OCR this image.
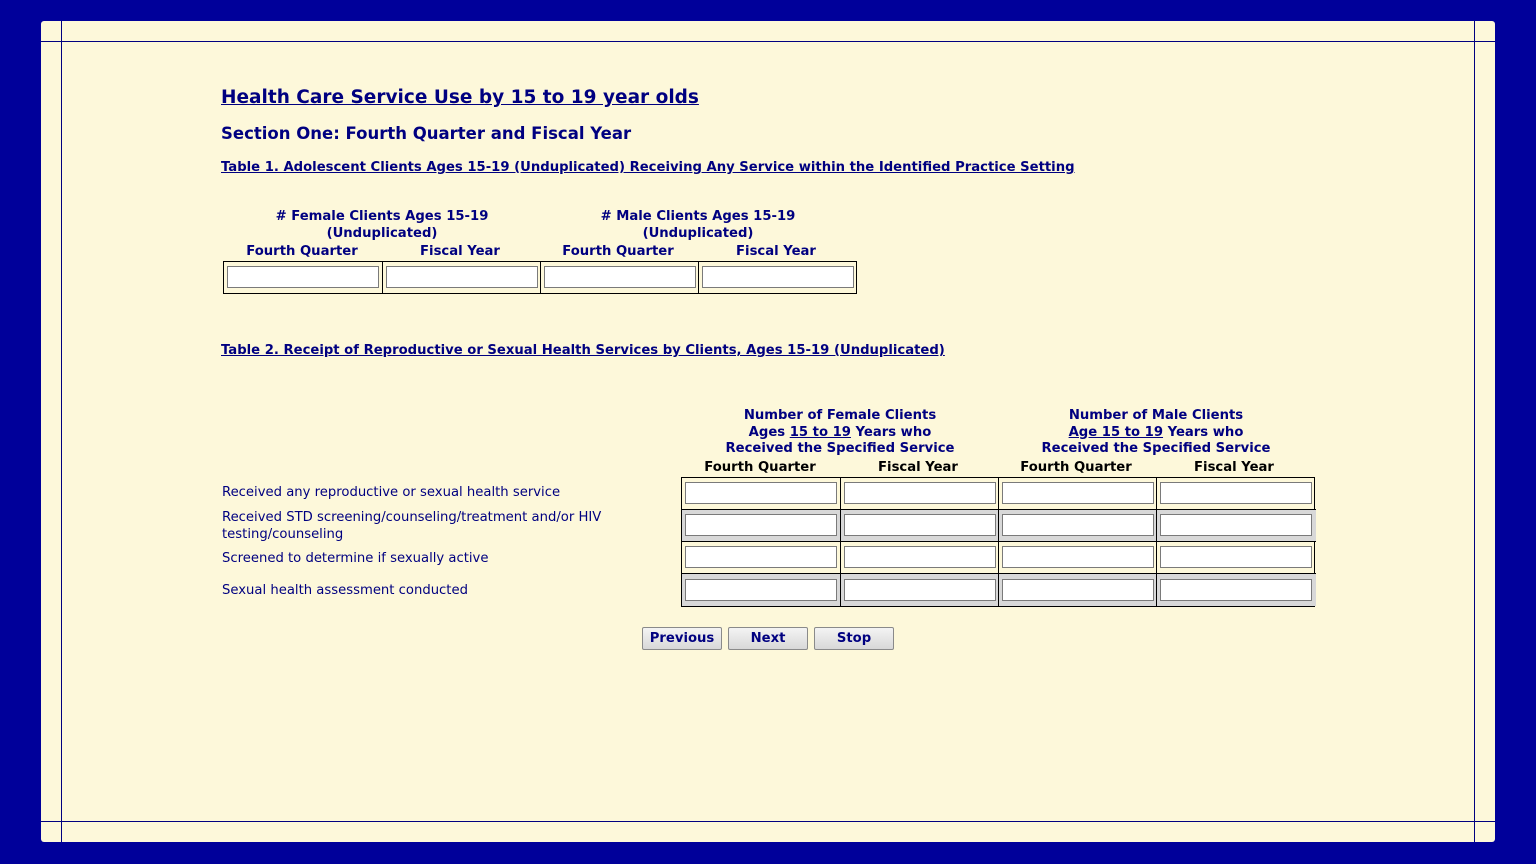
Health Care Service Use by 15 to 19 year olds
Section One: Fourth Quarter and Fiscal Year

Table 1. Adolescent Clients Ages 15-19 (Unduplicated) Receiving Any Service within the Identified Practice Setting

# Female Clients Ages 15-19
(Unduplicated)
# Male Clients Ages 15-19
(Unduplicated)
Fourth Quarter	Fiscal Year	Fourth Quarter	Fiscal Year

Table 2. Receipt of Reproductive or Sexual Health Services by Clients, Ages 15-19 (Unduplicated)

Number of Female Clients
Ages 15 to 19 Years who
Received the Specified Service
Number of Male Clients
Age 15 to 19 Years who
Received the Specified Service
Fourth Quarter	Fiscal Year	Fourth Quarter	Fiscal Year
Received any reproductive or sexual health service
Received STD screening/counseling/treatment and/or HIV testing/counseling
Screened to determine if sexually active
Sexual health assessment conducted
Previous	Next	Stop
